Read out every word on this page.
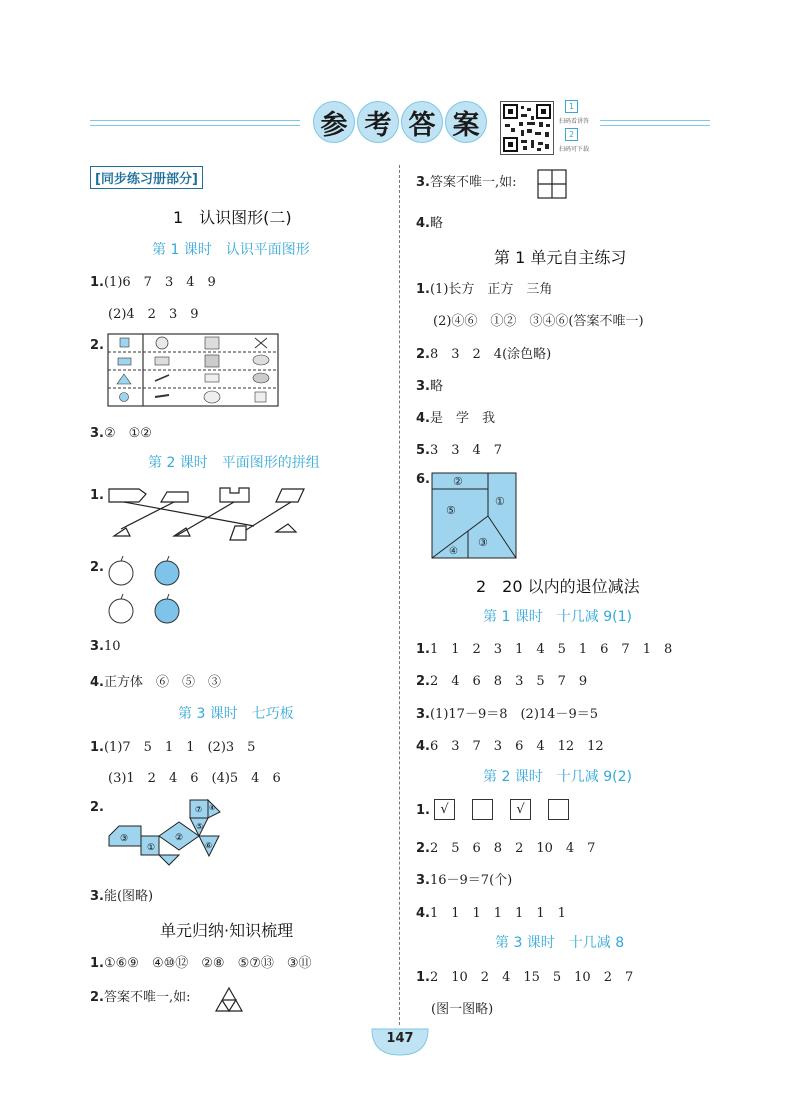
参 考 答 案
1
扫码看讲答
2
扫码可下载
[同步练习册部分]
1　认识图形(二)
第 1 课时　认识平面图形
1.(1)6　7　3　4　9
(2)4　2　3　9
2.
3.②　①②
第 2 课时　平面图形的拼组
1.
2.
3.10
4.正方体　⑥　⑤　③
第 3 课时　七巧板
1.(1)7　5　1　1　(2)3　5
(3)1　2　4　6　(4)5　4　6
2.
③
①
②
⑤
⑦ ④
⑥
3.能(图略)
单元归纳·知识梳理
1.①⑥⑨　④⑩⑫　②⑧　⑤⑦⑬　③⑪
2.答案不唯一,如:
3.答案不唯一,如:
4.略
第 1 单元自主练习
1.(1)长方　正方　三角
(2)④⑥　①②　③④⑥(答案不唯一)
2.8　3　2　4(涂色略)
3.略
4.是　学　我
5.3　3　4　7
6. ②
①
⑤
③
④
2　20 以内的退位减法
第 1 课时　十几减 9(1)
1.1　1　2　3　1　4　5　1　6　7　1　8
2.2　4　6　8　3　5　7　9
3.(1)17－9＝8　(2)14－9＝5
4.6　3　7　3　6　4　12　12
第 2 课时　十几减 9(2)
1. √	√
2.2　5　6　8　2　10　4　7
3.16－9＝7(个)
4.1　1　1　1　1　1　1
第 3 课时　十几减 8
1.2　10　2　4　15　5　10　2　7
(图一图略)
147
